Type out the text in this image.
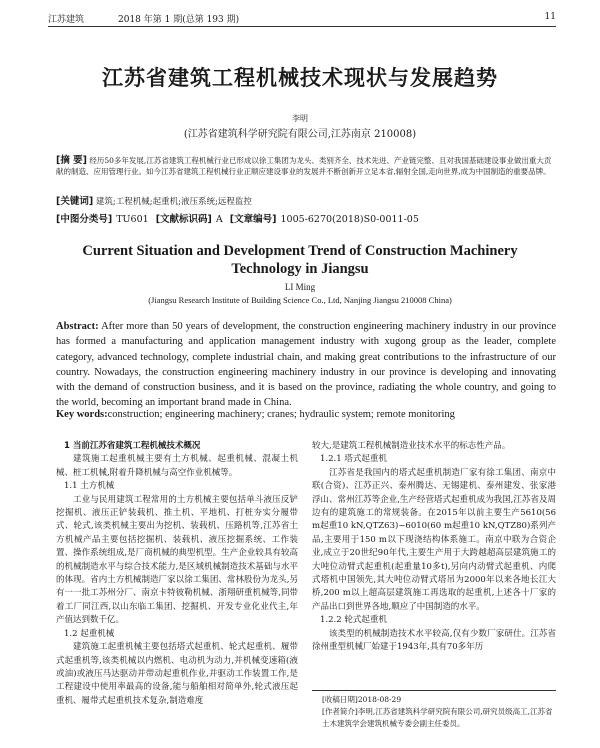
江苏建筑	2018 年第 1 期(总第 193 期)	11
江苏省建筑工程机械技术现状与发展趋势
李明
(江苏省建筑科学研究院有限公司,江苏南京 210008)
[摘 要] 经历50多年发展,江苏省建筑工程机械行业已形成以徐工集团为龙头、类别齐全、技术先进、产业链完整、且对我国基础建设事业做出重大贡献的制造、应用管理行业。如今江苏省建筑工程机械行业正顺应建设事业的发展并不断创新开立足本省,辐射全国,走向世界,成为中国制造的重要品牌。
[关键词] 建筑;工程机械;起重机;液压系统;远程监控
[中图分类号] TU601 [文献标识码] A [文章编号] 1005-6270(2018)S0-0011-05
Current Situation and Development Trend of Construction Machinery Technology in Jiangsu
LI Ming
(Jiangsu Research Institute of Building Science Co., Ltd, Nanjing Jiangsu 210008 China)
Abstract: After more than 50 years of development, the construction engineering machinery industry in our province has formed a manufacturing and application management industry with xugong group as the leader, complete category, advanced technology, complete industrial chain, and making great contributions to the infrastructure of our country. Nowadays, the construction engineering machinery industry in our province is developing and innovating with the demand of construction business, and it is based on the province, radiating the whole country, and going to the world, becoming an important brand made in China.
Key words:construction; engineering machinery; cranes; hydraulic system; remote monitoring

1 当前江苏省建筑工程机械技术概况

建筑施工起重机械主要有土方机械、起重机械、混凝土机械、桩工机械,附着升降机械与高空作业机械等。

1.1 土方机械

工业与民用建筑工程常用的土方机械主要包括单斗液压反铲挖掘机、液压正铲装载机、推土机、平地机、打桩夯实分履带式、轮式,该类机械主要出为挖机、装载机、压路机等,江苏省土方机械产品主要包括挖掘机、装载机、液压挖掘系统、工作装置、操作系统组成,是厂商机械的典型机型。生产企业较具有较高的机械制造水平与综合技术能力,是区域机械制造技术基础与水平的体现。省内土方机械制造厂家以徐工集团、常林股份为龙头,另有一一批工苏州分厂、南京卡特彼勒机械、浙翔研重机械等,同带着工厂同江西,以山东临工集团、挖掘机、开发专业化业代主,年产值达到数千亿。

1.2 起重机械

建筑施工起重机械主要包括塔式起重机、轮式起重机、履带式起重机等,该类机械以内燃机、电动机为动力,并机械变速箱(液或油)或液压马达驱动并带动起重机作业,并驱动工作装置工作,是工程建设中使用率最高的设备,能与船舶相对简单外,轮式液压起重机、履带式起重机技术复杂,制造难度

较大,是建筑工程机械制造业技术水平的标志性产品。

1.2.1 塔式起重机

江苏省是我国内的塔式起重机制造厂家有徐工集团、南京中联(合资)、江苏正兴、泰州腾达、无锡建机、泰州建发、张家港浮山、常州江苏等企业,生产经营塔式起重机成为我国,江苏省及周边有的建筑施工的常规装备。在2015年以前主要生产5610(56 m起重10 kN,QTZ63)~6010(60 m起重10 kN,QTZ80)系列产品,主要用于150 m以下现浇结构体系施工。南京中联为合资企业,成立于20世纪90年代,主要生产用于大跨越超高层建筑施工的大吨位动臂式起重机(起重量10多t),另向内动臂式起重机、内爬式塔机中国领先,其大吨位动臂式塔吊为2000年以来各地长江大桥,200 m以上超高层建筑施工再选取的起重机,上述各十厂家的产品出口到世界各地,顺应了中国制造的水平。

1.2.2 轮式起重机

该类型的机械制造技术水平较高,仅有少数厂家研仕。江苏省徐州重型机械厂始建于1943年,具有70多年历

[收稿日期]2018-08-29
[作者简介]李明,江苏省建筑科学研究院有限公司,研究员级高工,江苏省土木建筑学会建筑机械专委会副主任委员。
